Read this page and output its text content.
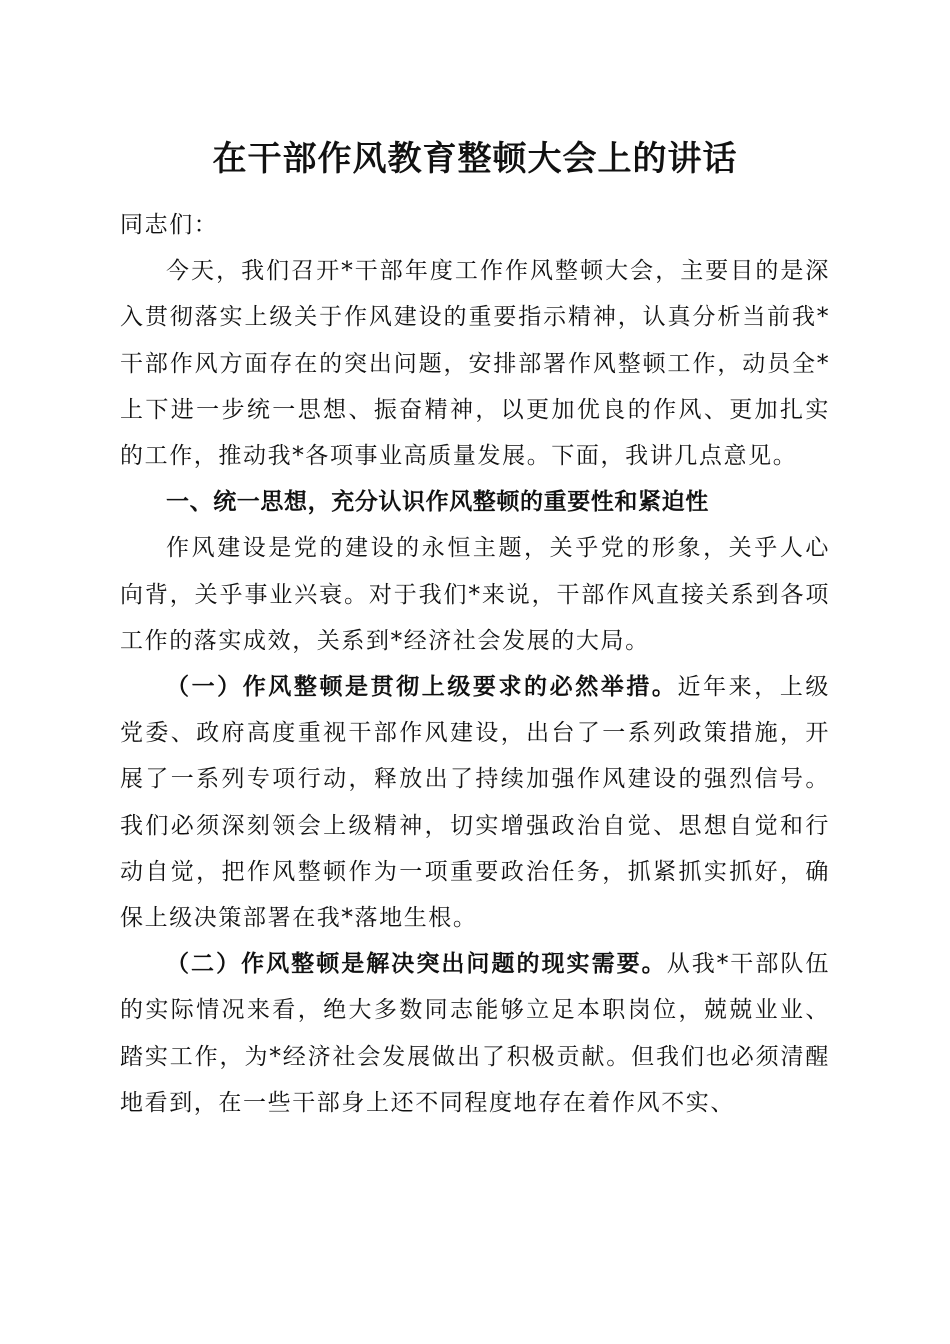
在干部作风教育整顿大会上的讲话

同志们：

今天，我们召开*干部年度工作作风整顿大会，主要目的是深入贯彻落实上级关于作风建设的重要指示精神，认真分析当前我*干部作风方面存在的突出问题，安排部署作风整顿工作，动员全*上下进一步统一思想、振奋精神，以更加优良的作风、更加扎实的工作，推动我*各项事业高质量发展。下面，我讲几点意见。

一、统一思想，充分认识作风整顿的重要性和紧迫性

作风建设是党的建设的永恒主题，关乎党的形象，关乎人心向背，关乎事业兴衰。对于我们*来说，干部作风直接关系到各项工作的落实成效，关系到*经济社会发展的大局。

（一）作风整顿是贯彻上级要求的必然举措。近年来，上级党委、政府高度重视干部作风建设，出台了一系列政策措施，开展了一系列专项行动，释放出了持续加强作风建设的强烈信号。我们必须深刻领会上级精神，切实增强政治自觉、思想自觉和行动自觉，把作风整顿作为一项重要政治任务，抓紧抓实抓好，确保上级决策部署在我*落地生根。

（二）作风整顿是解决突出问题的现实需要。从我*干部队伍的实际情况来看，绝大多数同志能够立足本职岗位，兢兢业业、踏实工作，为*经济社会发展做出了积极贡献。但我们也必须清醒地看到，在一些干部身上还不同程度地存在着作风不实、
